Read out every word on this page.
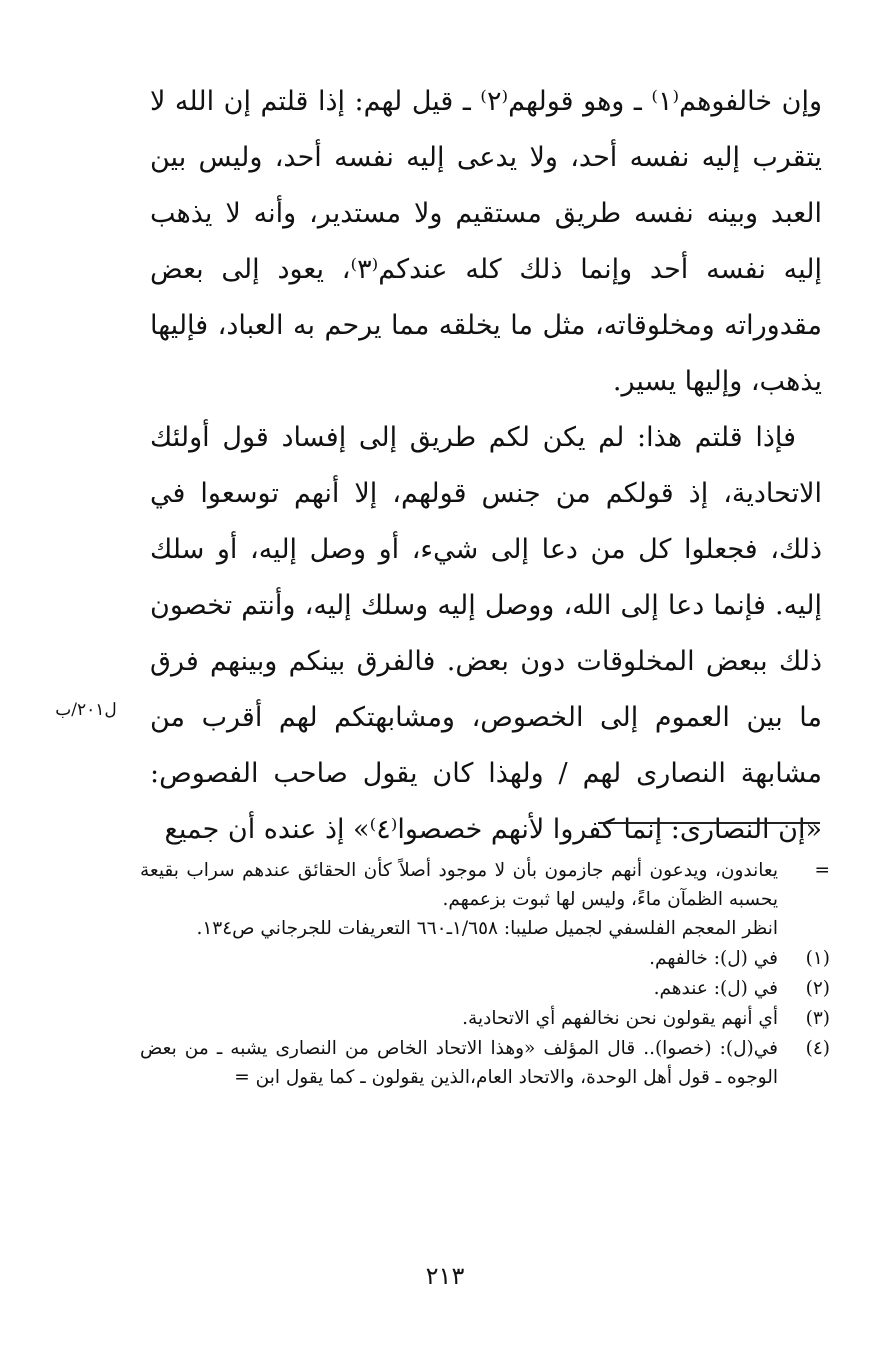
وإن خالفوهم⁽١⁾ ـ وهو قولهم⁽٢⁾ ـ قيل لهم: إذا قلتم إن الله لا يتقرب إليه نفسه أحد، ولا يدعى إليه نفسه أحد، وليس بين العبد وبينه نفسه طريق مستقيم ولا مستدير، وأنه لا يذهب إليه نفسه أحد وإنما ذلك كله عندكم⁽٣⁾، يعود إلى بعض مقدوراته ومخلوقاته، مثل ما يخلقه مما يرحم به العباد، فإليها يذهب، وإليها يسير.

فإذا قلتم هذا: لم يكن لكم طريق إلى إفساد قول أولئك الاتحادية، إذ قولكم من جنس قولهم، إلا أنهم توسعوا في ذلك، فجعلوا كل من دعا إلى شيء، أو وصل إليه، أو سلك إليه. فإنما دعا إلى الله، ووصل إليه وسلك إليه، وأنتم تخصون ذلك ببعض المخلوقات دون بعض. فالفرق بينكم وبينهم فرق ما بين العموم إلى الخصوص، ومشابهتكم لهم أقرب من مشابهة النصارى لهم / ولهذا كان يقول صاحب الفصوص: «إن النصارى: إنما كفروا لأنهم خصصوا⁽٤⁾» إذ عنده أن جميع

ل٢٠١/ب
=
يعاندون، ويدعون أنهم جازمون بأن لا موجود أصلاً كأن الحقائق عندهم سراب بقيعة يحسبه الظمآن ماءً، وليس لها ثبوت بزعمهم.
انظر المعجم الفلسفي لجميل صليبا: ١/٦٥٨ـ٦٦٠ التعريفات للجرجاني ص١٣٤.
(١)
في (ل): خالفهم.
(٢)
في (ل): عندهم.
(٣)
أي أنهم يقولون نحن نخالفهم أي الاتحادية.
(٤)
في(ل): (خصوا).. قال المؤلف «وهذا الاتحاد الخاص من النصارى يشبه ـ من بعض الوجوه ـ قول أهل الوحدة، والاتحاد العام،الذين يقولون ـ كما يقول ابن =
٢١٣
